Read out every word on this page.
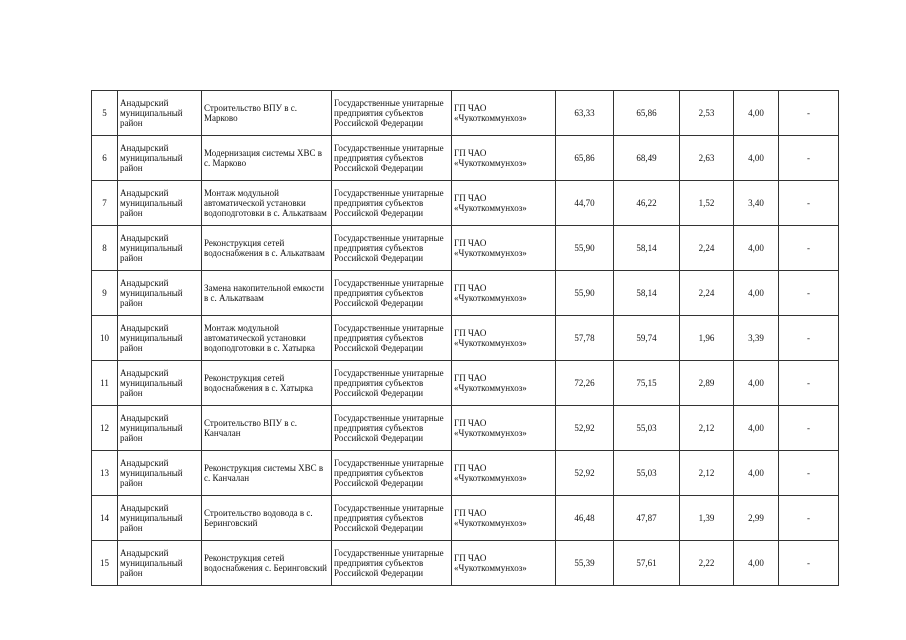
5	Анадырский муниципальный район	Строительство ВПУ в с. Марково	Государственные унитарные предприятия субъектов Российской Федерации	ГП ЧАО «Чукоткоммунхоз»	63,33	65,86	2,53	4,00	-
6	Анадырский муниципальный район	Модернизация системы ХВС в с. Марково	Государственные унитарные предприятия субъектов Российской Федерации	ГП ЧАО «Чукоткоммунхоз»	65,86	68,49	2,63	4,00	-
7	Анадырский муниципальный район	Монтаж модульной автоматической установки водоподготовки в с. Алькатваам	Государственные унитарные предприятия субъектов Российской Федерации	ГП ЧАО «Чукоткоммунхоз»	44,70	46,22	1,52	3,40	-
8	Анадырский муниципальный район	Реконструкция сетей водоснабжения в с. Алькатваам	Государственные унитарные предприятия субъектов Российской Федерации	ГП ЧАО «Чукоткоммунхоз»	55,90	58,14	2,24	4,00	-
9	Анадырский муниципальный район	Замена накопительной емкости в с. Алькатваам	Государственные унитарные предприятия субъектов Российской Федерации	ГП ЧАО «Чукоткоммунхоз»	55,90	58,14	2,24	4,00	-
10	Анадырский муниципальный район	Монтаж модульной автоматической установки водоподготовки в с. Хатырка	Государственные унитарные предприятия субъектов Российской Федерации	ГП ЧАО «Чукоткоммунхоз»	57,78	59,74	1,96	3,39	-
11	Анадырский муниципальный район	Реконструкция сетей водоснабжения в с. Хатырка	Государственные унитарные предприятия субъектов Российской Федерации	ГП ЧАО «Чукоткоммунхоз»	72,26	75,15	2,89	4,00	-
12	Анадырский муниципальный район	Строительство ВПУ в с. Канчалан	Государственные унитарные предприятия субъектов Российской Федерации	ГП ЧАО «Чукоткоммунхоз»	52,92	55,03	2,12	4,00	-
13	Анадырский муниципальный район	Реконструкция системы ХВС в с. Канчалан	Государственные унитарные предприятия субъектов Российской Федерации	ГП ЧАО «Чукоткоммунхоз»	52,92	55,03	2,12	4,00	-
14	Анадырский муниципальный район	Строительство водовода в с. Беринговский	Государственные унитарные предприятия субъектов Российской Федерации	ГП ЧАО «Чукоткоммунхоз»	46,48	47,87	1,39	2,99	-
15	Анадырский муниципальный район	Реконструкция сетей водоснабжения с. Беринговский	Государственные унитарные предприятия субъектов Российской Федерации	ГП ЧАО «Чукоткоммунхоз»	55,39	57,61	2,22	4,00	-
